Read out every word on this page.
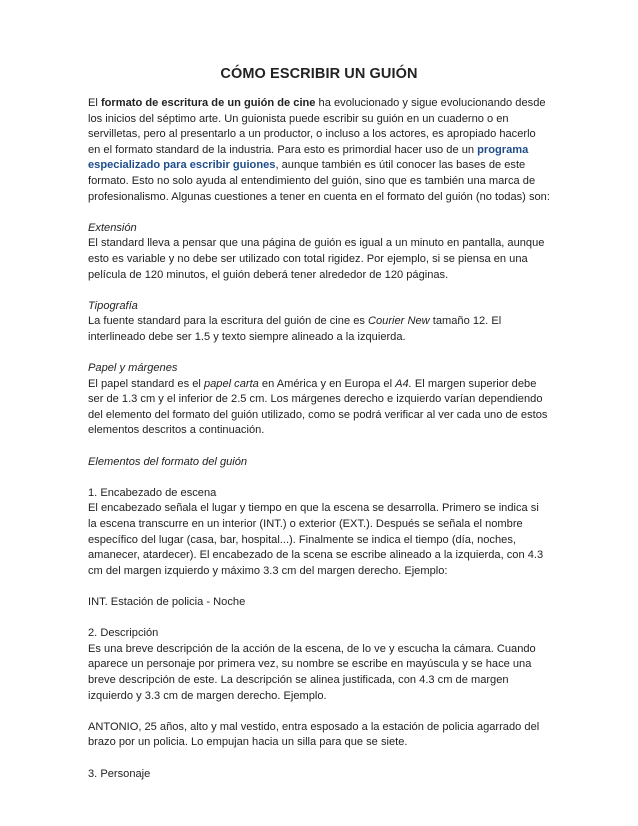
CÓMO ESCRIBIR UN GUIÓN

El formato de escritura de un guión de cine ha evolucionado y sigue evolucionando desde los inicios del séptimo arte. Un guionista puede escribir su guión en un cuaderno o en servilletas, pero al presentarlo a un productor, o incluso a los actores, es apropiado hacerlo en el formato standard de la industria. Para esto es primordial hacer uso de un programa especializado para escribir guiones, aunque también es útil conocer las bases de este formato. Esto no solo ayuda al entendimiento del guión, sino que es también una marca de profesionalismo. Algunas cuestiones a tener en cuenta en el formato del guión (no todas) son:

Extensión

El standard lleva a pensar que una página de guión es igual a un minuto en pantalla, aunque esto es variable y no debe ser utilizado con total rigidez. Por ejemplo, si se piensa en una película de 120 minutos, el guión deberá tener alrededor de 120 páginas.

Tipografía

La fuente standard para la escritura del guión de cine es Courier New tamaño 12. El interlineado debe ser 1.5 y texto siempre alineado a la izquierda.

Papel y márgenes

El papel standard es el papel carta en América y en Europa el A4. El margen superior debe ser de 1.3 cm y el inferior de 2.5 cm. Los márgenes derecho e izquierdo varían dependiendo del elemento del formato del guión utilizado, como se podrá verificar al ver cada uno de estos elementos descritos a continuación.

Elementos del formato del guión

1. Encabezado de escena

El encabezado señala el lugar y tiempo en que la escena se desarrolla. Primero se indica si la escena transcurre en un interior (INT.) o exterior (EXT.). Después se señala el nombre específico del lugar (casa, bar, hospital...). Finalmente se indica el tiempo (día, noches, amanecer, atardecer). El encabezado de la scena se escribe alineado a la izquierda, con 4.3 cm del margen izquierdo y máximo 3.3 cm del margen derecho. Ejemplo:

INT. Estación de policia - Noche

2. Descripción

Es una breve descripción de la acción de la escena, de lo ve y escucha la cámara. Cuando aparece un personaje por primera vez, su nombre se escribe en mayúscula y se hace una breve descripción de este. La descripción se alinea justificada, con 4.3 cm de margen izquierdo y 3.3 cm de margen derecho. Ejemplo.

ANTONIO, 25 años, alto y mal vestido, entra esposado a la estación de policia agarrado del brazo por un policia. Lo empujan hacia un silla para que se siete.

3. Personaje
